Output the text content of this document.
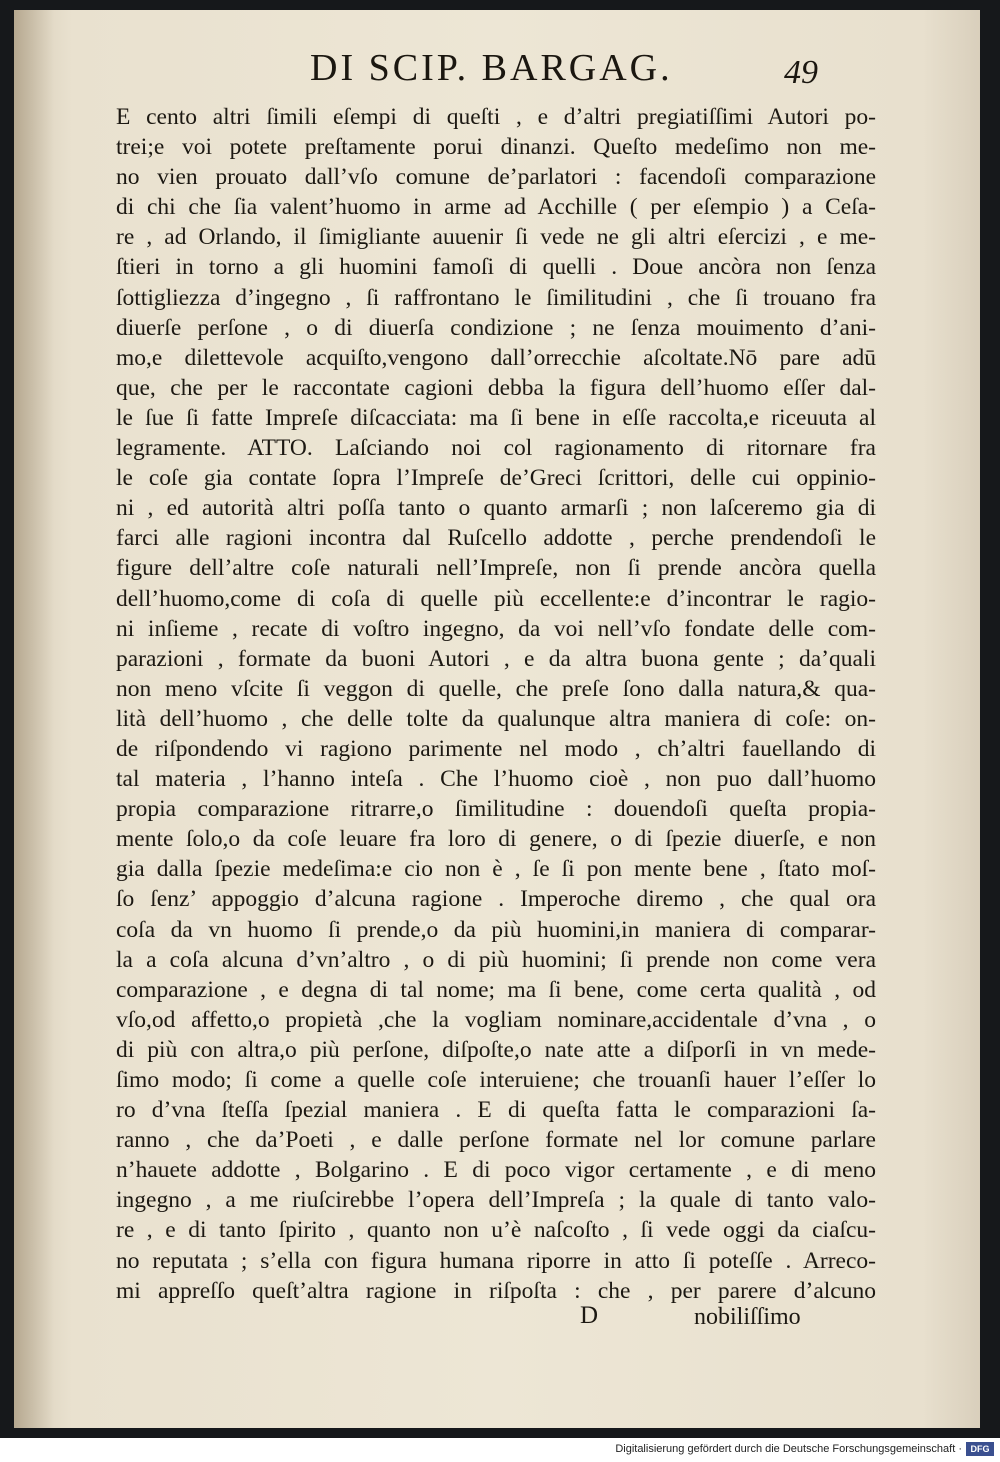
DI SCIP. BARGAG.	49
E cento altri ſimili eſempi di queſti , e d’altri pregiatiſſimi Autori po-
trei;e voi potete preſtamente porui dinanzi. Queſto medeſimo non me-
no vien prouato dall’vſo comune de’parlatori : facendoſi comparazione
di chi che ſia valent’huomo in arme ad Acchille ( per eſempio ) a Ceſa-
re , ad Orlando, il ſimigliante auuenir ſi vede ne gli altri eſercizi , e me-
ſtieri in torno a gli huomini famoſi di quelli . Doue ancòra non ſenza
ſottigliezza d’ingegno , ſi raffrontano le ſimilitudini , che ſi trouano fra
diuerſe perſone , o di diuerſa condizione ; ne ſenza mouimento d’ani-
mo,e dilettevole acquiſto,vengono dall’orrecchie aſcoltate.Nō pare adū
que, che per le raccontate cagioni debba la figura dell’huomo eſſer dal-
le ſue ſi fatte Impreſe diſcacciata: ma ſi bene in eſſe raccolta,e riceuuta al
legramente. ATTO. Laſciando noi col ragionamento di ritornare fra
le coſe gia contate ſopra l’Impreſe de’Greci ſcrittori, delle cui oppinio-
ni , ed autorità altri poſſa tanto o quanto armarſi ; non laſceremo gia di
farci alle ragioni incontra dal Ruſcello addotte , perche prendendoſi le
figure dell’altre coſe naturali nell’Impreſe, non ſi prende ancòra quella
dell’huomo,come di coſa di quelle più eccellente:e d’incontrar le ragio-
ni inſieme , recate di voſtro ingegno, da voi nell’vſo fondate delle com-
parazioni , formate da buoni Autori , e da altra buona gente ; da’quali
non meno vſcite ſi veggon di quelle, che preſe ſono dalla natura,& qua-
lità dell’huomo , che delle tolte da qualunque altra maniera di coſe: on-
de riſpondendo vi ragiono parimente nel modo , ch’altri fauellando di
tal materia , l’hanno inteſa . Che l’huomo cioè , non puo dall’huomo
propia comparazione ritrarre,o ſimilitudine : douendoſi queſta propia-
mente ſolo,o da coſe leuare fra loro di genere, o di ſpezie diuerſe, e non
gia dalla ſpezie medeſima:e cio non è , ſe ſi pon mente bene , ſtato moſ-
ſo ſenz’ appoggio d’alcuna ragione . Imperoche diremo , che qual ora
coſa da vn huomo ſi prende,o da più huomini,in maniera di comparar-
la a coſa alcuna d’vn’altro , o di più huomini; ſi prende non come vera
comparazione , e degna di tal nome; ma ſi bene, come certa qualità , od
vſo,od affetto,o propietà ,che la vogliam nominare,accidentale d’vna , o
di più con altra,o più perſone, diſpoſte,o nate atte a diſporſi in vn mede-
ſimo modo; ſi come a quelle coſe interuiene; che trouanſi hauer l’eſſer lo
ro d’vna ſteſſa ſpezial maniera . E di queſta fatta le comparazioni ſa-
ranno , che da’Poeti , e dalle perſone formate nel lor comune parlare
n’hauete addotte , Bolgarino . E di poco vigor certamente , e di meno
ingegno , a me riuſcirebbe l’opera dell’Impreſa ; la quale di tanto valo-
re , e di tanto ſpirito , quanto non u’è naſcoſto , ſi vede oggi da ciaſcu-
no reputata ; s’ella con figura humana riporre in atto ſi poteſſe . Arreco-
mi appreſſo queſt’altra ragione in riſpoſta : che , per parere d’alcuno
D	nobiliſſimo
Digitalisierung gefördert durch die Deutsche Forschungsgemeinschaft · DFG
